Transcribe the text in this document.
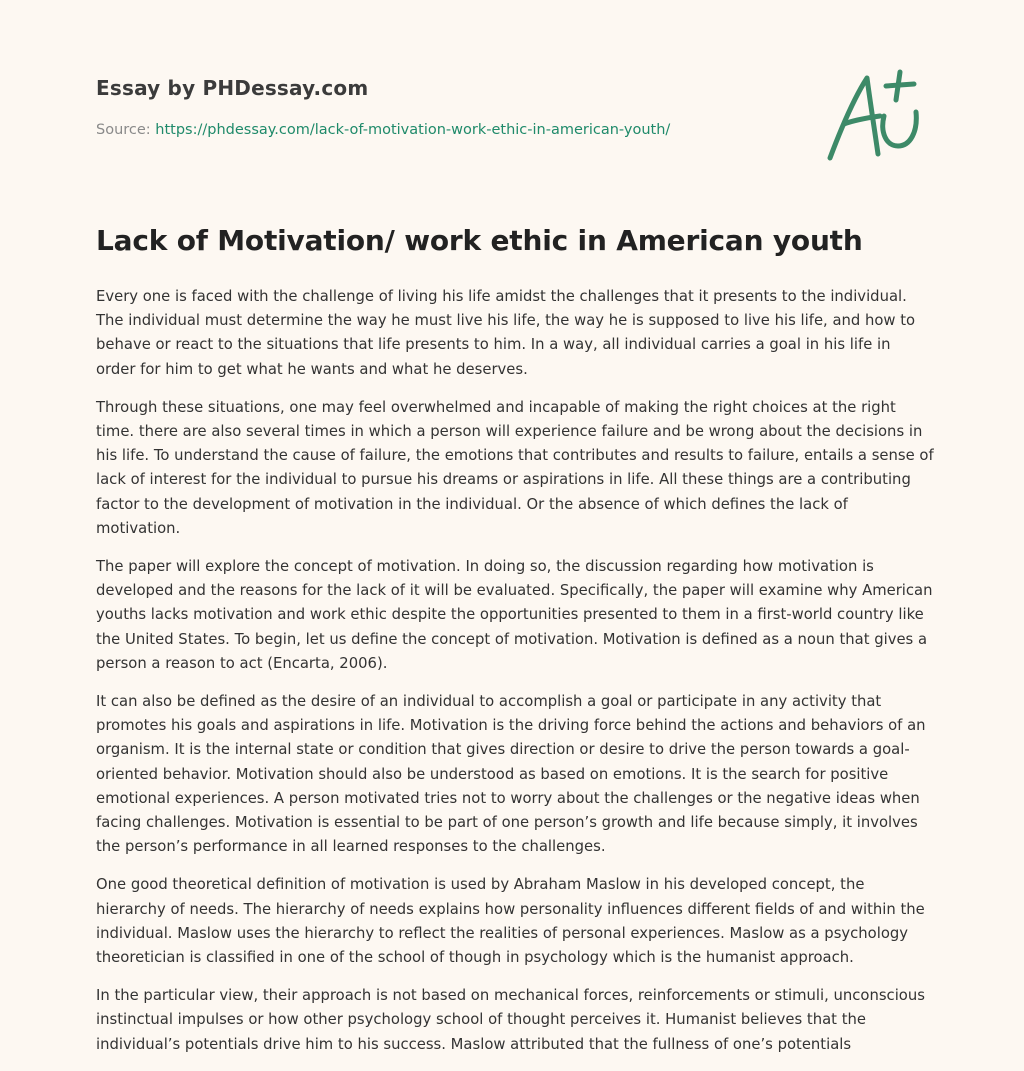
Essay by PHDessay.com
Source: https://phdessay.com/lack-of-motivation-work-ethic-in-american-youth/
Lack of Motivation/ work ethic in American youth

Every one is faced with the challenge of living his life amidst the challenges that it presents to the individual. The individual must determine the way he must live his life, the way he is supposed to live his life, and how to behave or react to the situations that life presents to him. In a way, all individual carries a goal in his life in order for him to get what he wants and what he deserves.

Through these situations, one may feel overwhelmed and incapable of making the right choices at the right time. there are also several times in which a person will experience failure and be wrong about the decisions in his life. To understand the cause of failure, the emotions that contributes and results to failure, entails a sense of lack of interest for the individual to pursue his dreams or aspirations in life. All these things are a contributing factor to the development of motivation in the individual. Or the absence of which defines the lack of motivation.

The paper will explore the concept of motivation. In doing so, the discussion regarding how motivation is developed and the reasons for the lack of it will be evaluated. Specifically, the paper will examine why American youths lacks motivation and work ethic despite the opportunities presented to them in a first-world country like the United States. To begin, let us define the concept of motivation. Motivation is defined as a noun that gives a person a reason to act (Encarta, 2006).

It can also be defined as the desire of an individual to accomplish a goal or participate in any activity that promotes his goals and aspirations in life. Motivation is the driving force behind the actions and behaviors of an organism. It is the internal state or condition that gives direction or desire to drive the person towards a goal-oriented behavior. Motivation should also be understood as based on emotions. It is the search for positive emotional experiences. A person motivated tries not to worry about the challenges or the negative ideas when facing challenges. Motivation is essential to be part of one person’s growth and life because simply, it involves the person’s performance in all learned responses to the challenges.

One good theoretical definition of motivation is used by Abraham Maslow in his developed concept, the hierarchy of needs. The hierarchy of needs explains how personality influences different fields of and within the individual. Maslow uses the hierarchy to reflect the realities of personal experiences. Maslow as a psychology theoretician is classified in one of the school of though in psychology which is the humanist approach.

In the particular view, their approach is not based on mechanical forces, reinforcements or stimuli, unconscious instinctual impulses or how other psychology school of thought perceives it. Humanist believes that the individual’s potentials drive him to his success. Maslow attributed that the fullness of one’s potentials
